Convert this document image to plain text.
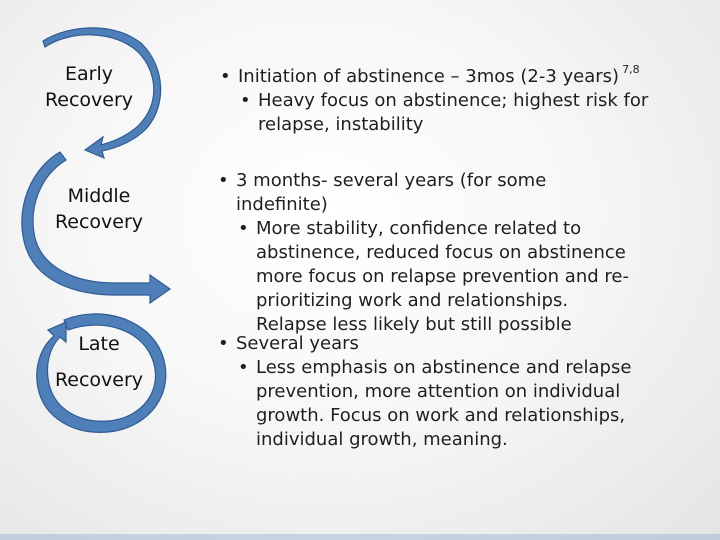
Early
Recovery
Middle
Recovery
Late
Recovery
• Initiation of abstinence – 3mos (2-3 years) $^{7,8}$
• Heavy focus on abstinence; highest risk for relapse, instability
• 3 months- several years (for some indefinite)
• More stability, confidence related to abstinence, reduced focus on abstinence more focus on relapse prevention and re-prioritizing work and relationships. Relapse less likely but still possible
• Several years
• Less emphasis on abstinence and relapse prevention, more attention on individual growth. Focus on work and relationships, individual growth, meaning.
